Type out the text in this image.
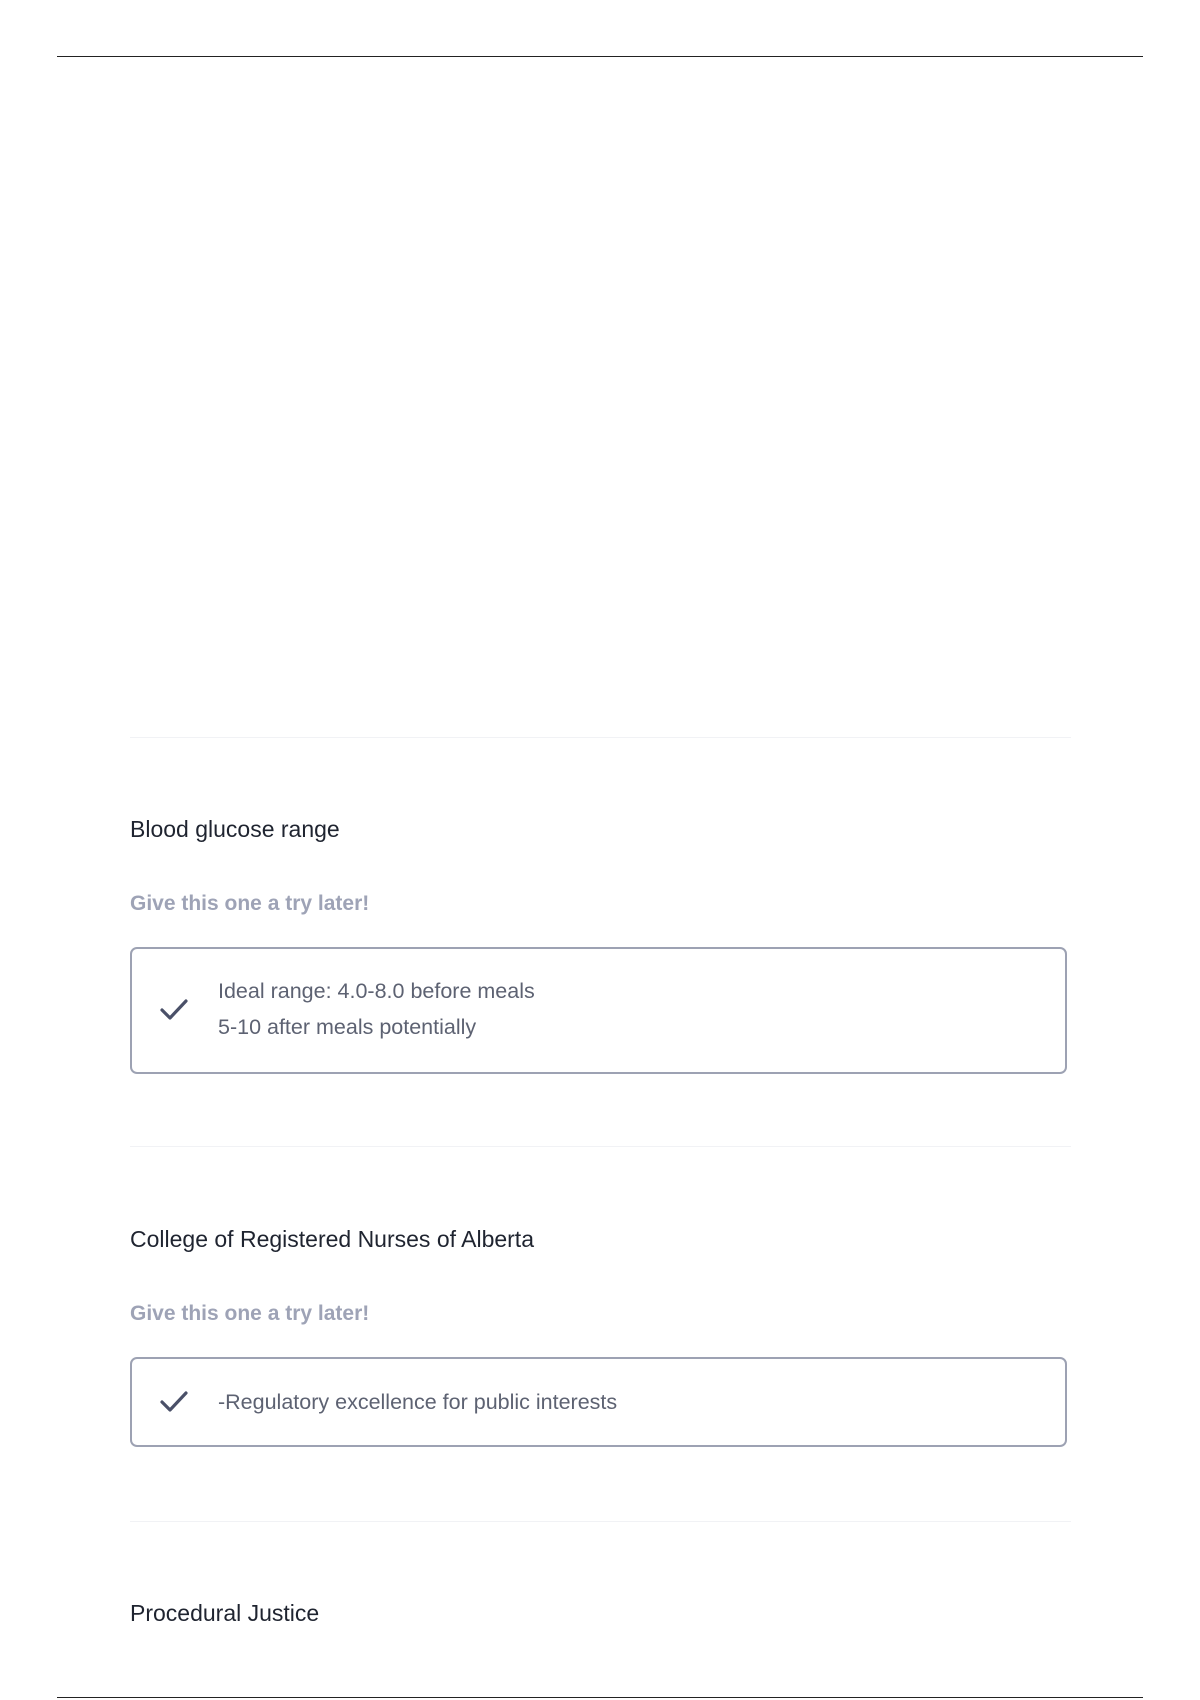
Blood glucose range
Give this one a try later!
Ideal range: 4.0-8.0 before meals
5-10 after meals potentially
College of Registered Nurses of Alberta
Give this one a try later!
-Regulatory excellence for public interests
Procedural Justice
